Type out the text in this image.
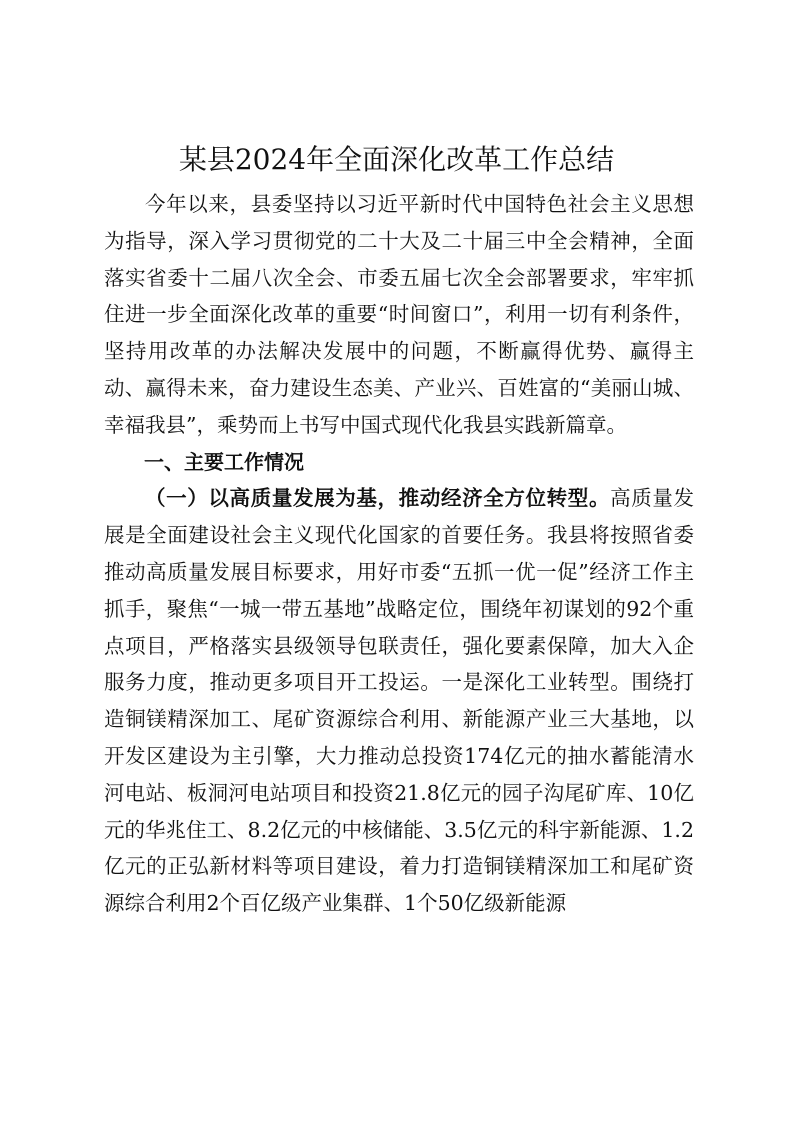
某县2024年全面深化改革工作总结

今年以来，县委坚持以习近平新时代中国特色社会主义思想为指导，深入学习贯彻党的二十大及二十届三中全会精神，全面落实省委十二届八次全会、市委五届七次全会部署要求，牢牢抓住进一步全面深化改革的重要“时间窗口”，利用一切有利条件，坚持用改革的办法解决发展中的问题，不断赢得优势、赢得主动、赢得未来，奋力建设生态美、产业兴、百姓富的“美丽山城、幸福我县”，乘势而上书写中国式现代化我县实践新篇章。

一、主要工作情况

（一）以高质量发展为基，推动经济全方位转型。高质量发展是全面建设社会主义现代化国家的首要任务。我县将按照省委推动高质量发展目标要求，用好市委“五抓一优一促”经济工作主抓手，聚焦“一城一带五基地”战略定位，围绕年初谋划的92个重点项目，严格落实县级领导包联责任，强化要素保障，加大入企服务力度，推动更多项目开工投运。一是深化工业转型。围绕打造铜镁精深加工、尾矿资源综合利用、新能源产业三大基地，以开发区建设为主引擎，大力推动总投资174亿元的抽水蓄能清水河电站、板洞河电站项目和投资21.8亿元的园子沟尾矿库、10亿元的华兆住工、8.2亿元的中核储能、3.5亿元的科宇新能源、1.2亿元的正弘新材料等项目建设，着力打造铜镁精深加工和尾矿资源综合利用2个百亿级产业集群、1个50亿级新能源
